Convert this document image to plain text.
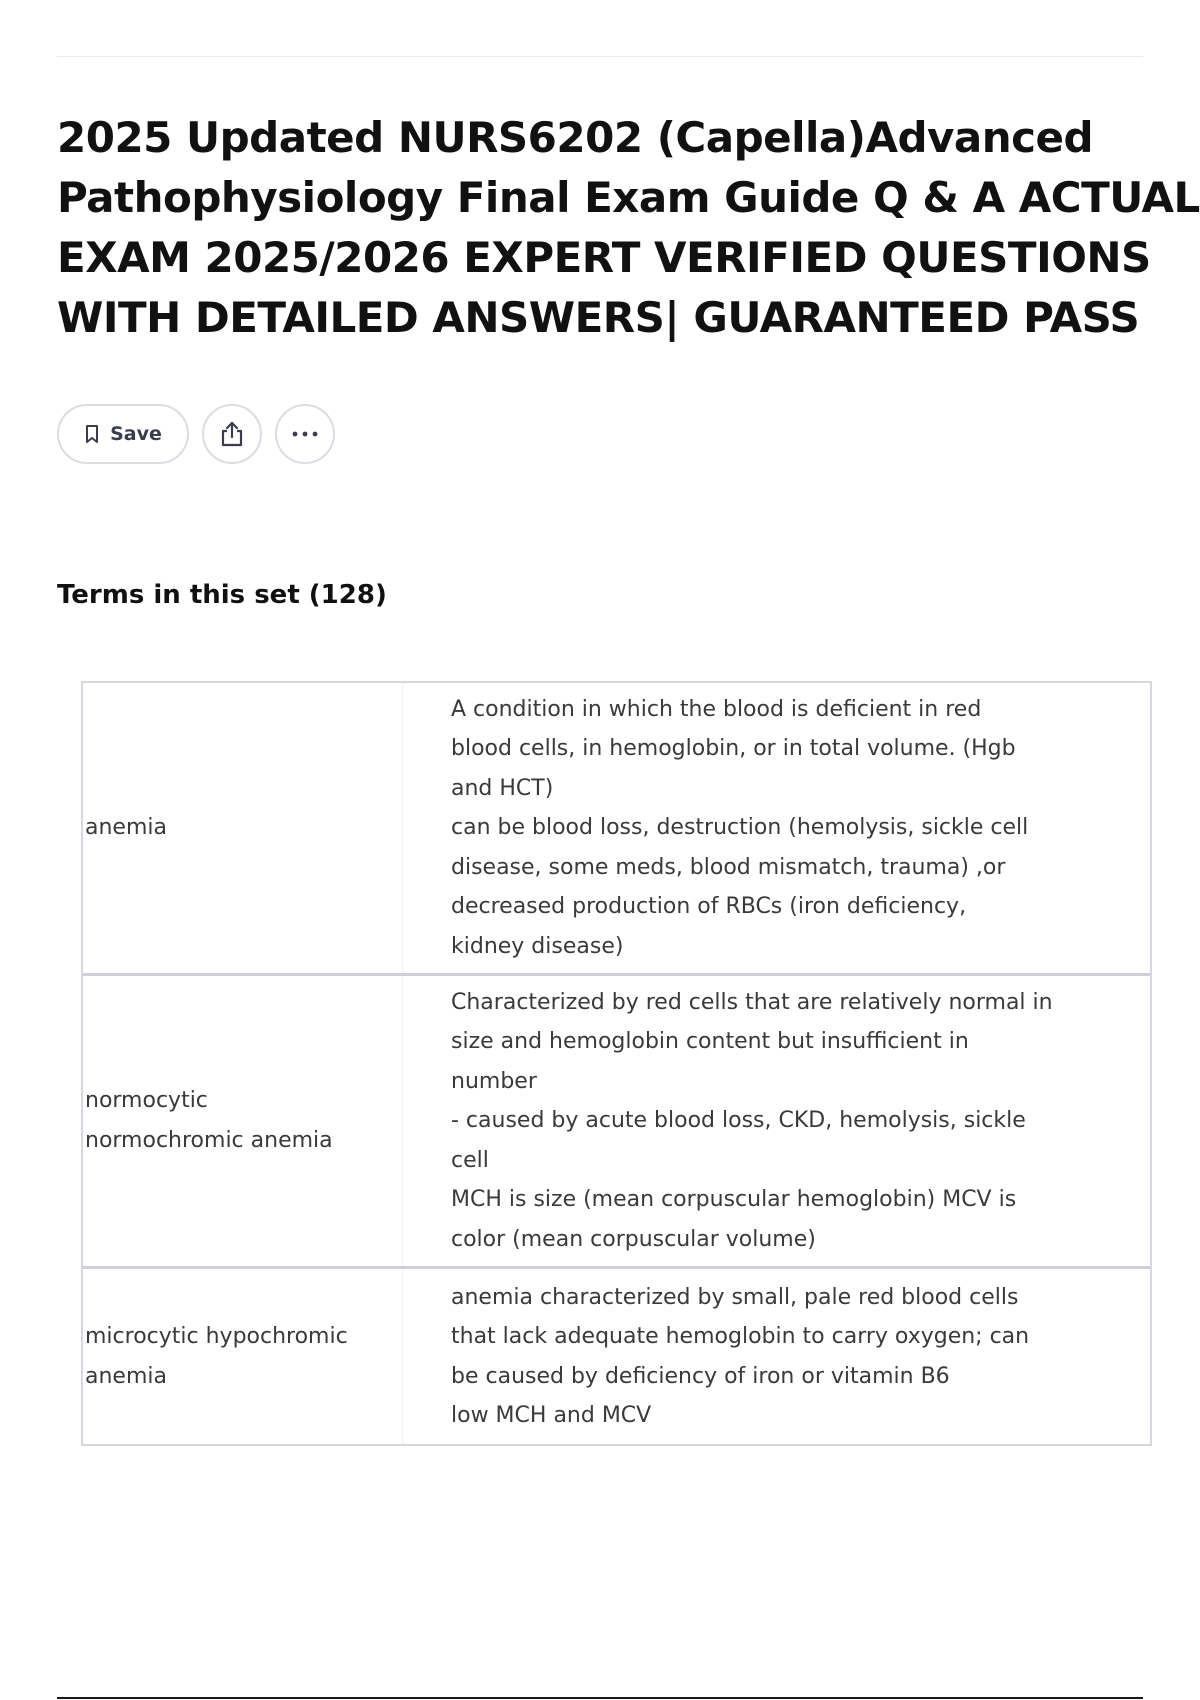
2025 Updated NURS6202 (Capella)Advanced
Pathophysiology Final Exam Guide Q & A ACTUAL
EXAM 2025/2026 EXPERT VERIFIED QUESTIONS
WITH DETAILED ANSWERS| GUARANTEED PASS
Save
Terms in this set (128)
anemia
A condition in which the blood is deficient in red
blood cells, in hemoglobin, or in total volume. (Hgb
and HCT)
can be blood loss, destruction (hemolysis, sickle cell
disease, some meds, blood mismatch, trauma) ,or
decreased production of RBCs (iron deficiency,
kidney disease)
normocytic
normochromic anemia
Characterized by red cells that are relatively normal in
size and hemoglobin content but insufficient in
number
- caused by acute blood loss, CKD, hemolysis, sickle
cell
MCH is size (mean corpuscular hemoglobin) MCV is
color (mean corpuscular volume)
microcytic hypochromic
anemia
anemia characterized by small, pale red blood cells
that lack adequate hemoglobin to carry oxygen; can
be caused by deficiency of iron or vitamin B6
low MCH and MCV
